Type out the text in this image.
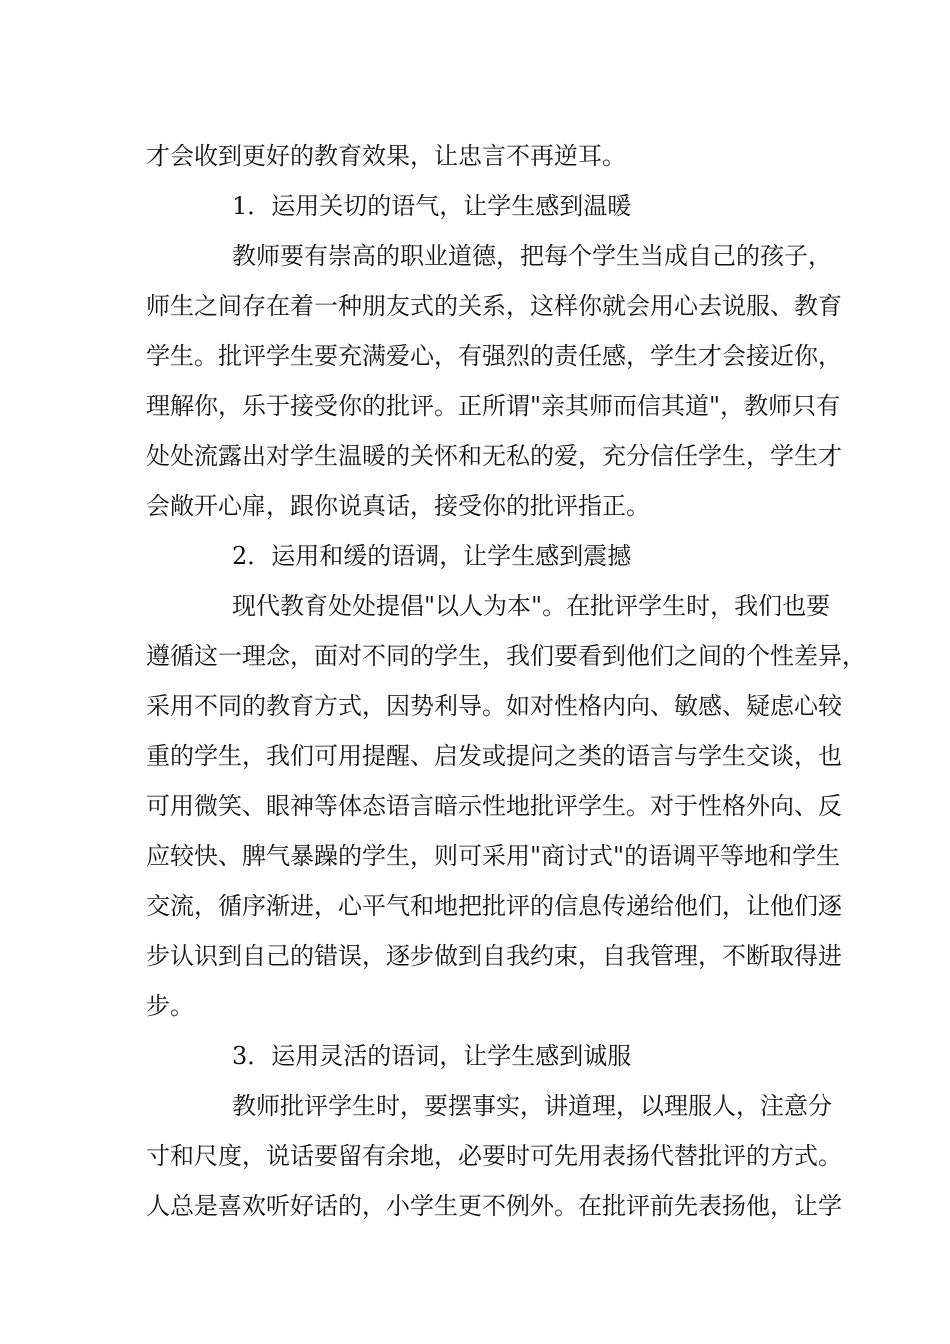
才会收到更好的教育效果，让忠言不再逆耳。
1．运用关切的语气，让学生感到温暖
教师要有崇高的职业道德，把每个学生当成自己的孩子，
师生之间存在着一种朋友式的关系，这样你就会用心去说服、教育
学生。批评学生要充满爱心，有强烈的责任感，学生才会接近你，
理解你，乐于接受你的批评。正所谓"亲其师而信其道"，教师只有
处处流露出对学生温暖的关怀和无私的爱，充分信任学生，学生才
会敞开心扉，跟你说真话，接受你的批评指正。
2．运用和缓的语调，让学生感到震撼
现代教育处处提倡"以人为本"。在批评学生时，我们也要
遵循这一理念，面对不同的学生，我们要看到他们之间的个性差异，
采用不同的教育方式，因势利导。如对性格内向、敏感、疑虑心较
重的学生，我们可用提醒、启发或提问之类的语言与学生交谈，也
可用微笑、眼神等体态语言暗示性地批评学生。对于性格外向、反
应较快、脾气暴躁的学生，则可采用"商讨式"的语调平等地和学生
交流，循序渐进，心平气和地把批评的信息传递给他们，让他们逐
步认识到自己的错误，逐步做到自我约束，自我管理，不断取得进
步。
3．运用灵活的语词，让学生感到诚服
教师批评学生时，要摆事实，讲道理，以理服人，注意分
寸和尺度，说话要留有余地，必要时可先用表扬代替批评的方式。
人总是喜欢听好话的，小学生更不例外。在批评前先表扬他，让学
